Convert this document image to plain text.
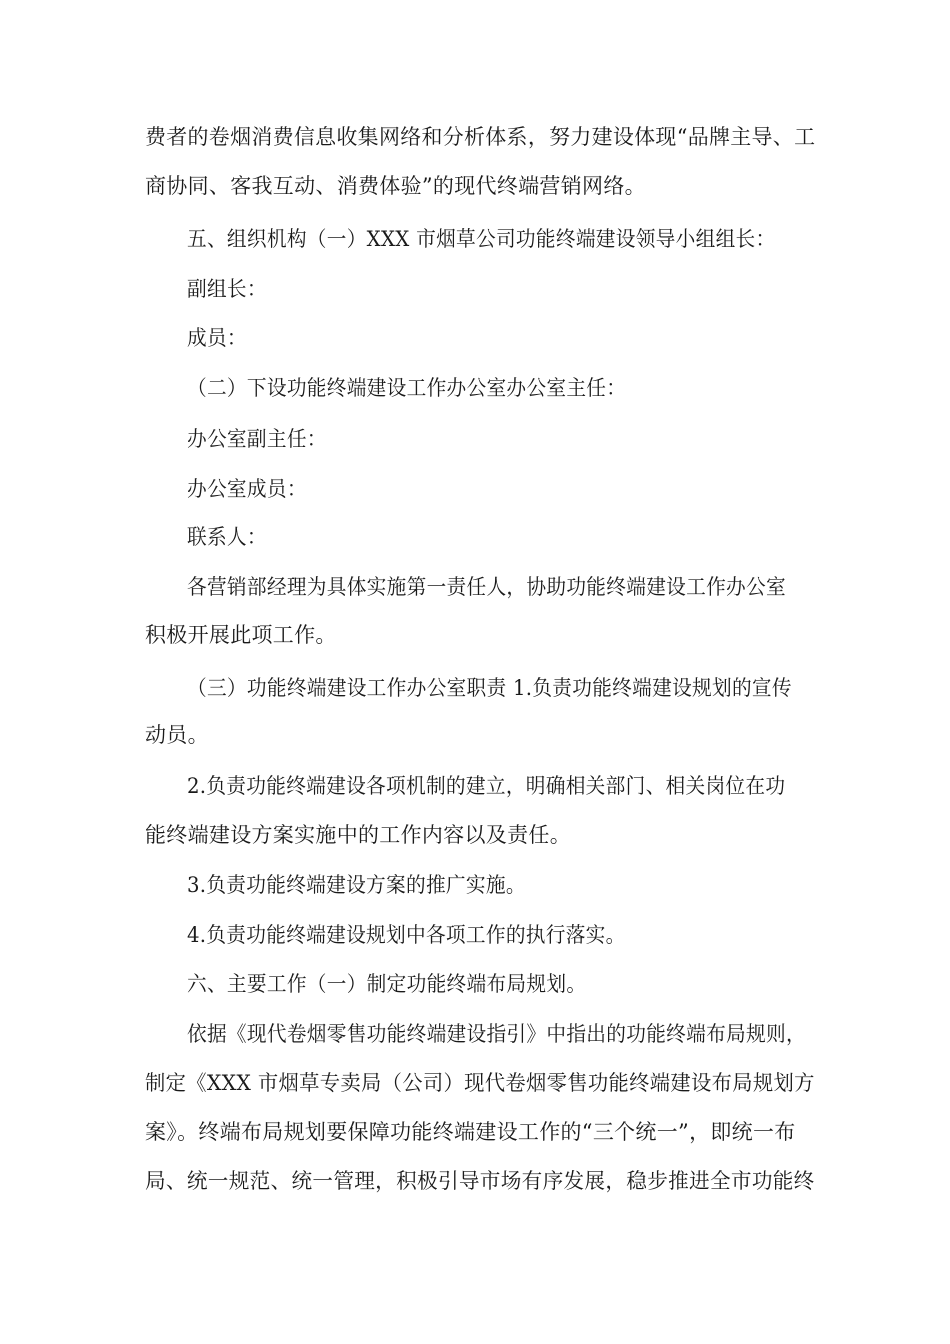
费者的卷烟消费信息收集网络和分析体系，努力建设体现“品牌主导、工
商协同、客我互动、消费体验”的现代终端营销网络。
五、组织机构（一）XXX 市烟草公司功能终端建设领导小组组长：
副组长：
成员：
（二）下设功能终端建设工作办公室办公室主任：
办公室副主任：
办公室成员：
联系人：
各营销部经理为具体实施第一责任人，协助功能终端建设工作办公室
积极开展此项工作。
（三）功能终端建设工作办公室职责 1.负责功能终端建设规划的宣传
动员。
2.负责功能终端建设各项机制的建立，明确相关部门、相关岗位在功
能终端建设方案实施中的工作内容以及责任。
3.负责功能终端建设方案的推广实施。
4.负责功能终端建设规划中各项工作的执行落实。
六、主要工作（一）制定功能终端布局规划。
依据《现代卷烟零售功能终端建设指引》中指出的功能终端布局规则，
制定《XXX 市烟草专卖局（公司）现代卷烟零售功能终端建设布局规划方
案》。终端布局规划要保障功能终端建设工作的“三个统一”，即统一布
局、统一规范、统一管理，积极引导市场有序发展，稳步推进全市功能终
